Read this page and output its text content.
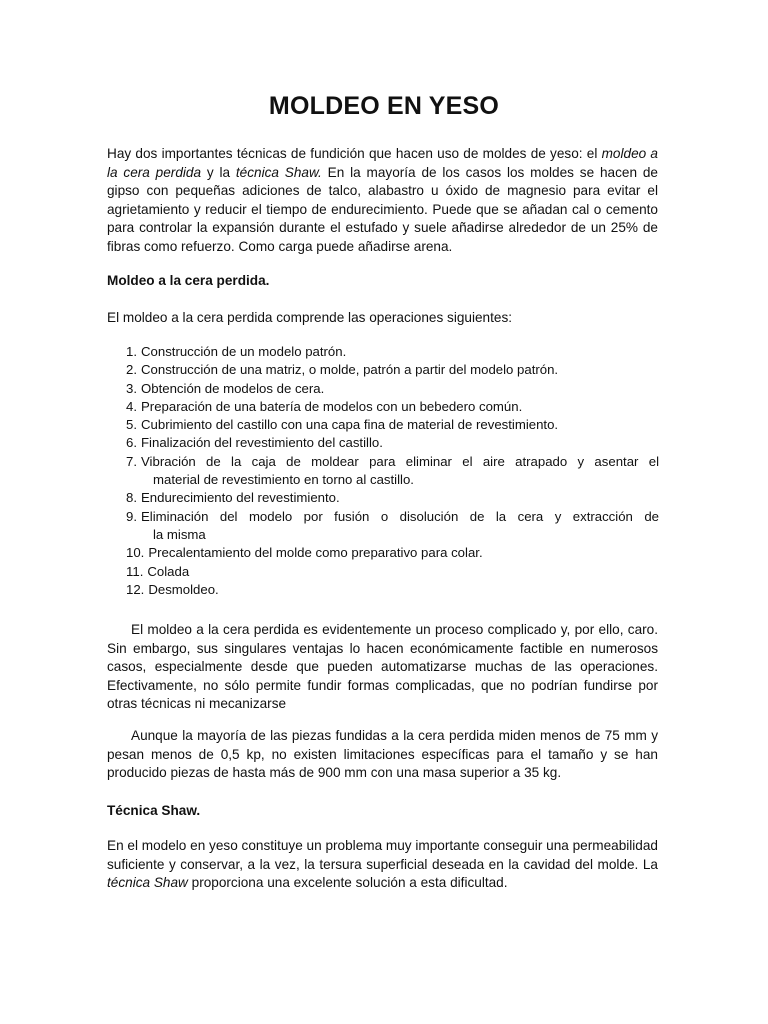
MOLDEO EN YESO

Hay dos importantes técnicas de fundición que hacen uso de moldes de yeso: el moldeo a la cera perdida y la técnica Shaw. En la mayoría de los casos los moldes se hacen de gipso con pequeñas adiciones de talco, alabastro u óxido de magnesio para evitar el agrietamiento y reducir el tiempo de endurecimiento. Puede que se añadan cal o cemento para controlar la expansión durante el estufado y suele añadirse alrededor de un 25% de fibras como refuerzo. Como carga puede añadirse arena.

Moldeo a la cera perdida.
El moldeo a la cera perdida comprende las operaciones siguientes:
1. Construcción de un modelo patrón.
2. Construcción de una matriz, o molde, patrón a partir del modelo patrón.
3. Obtención de modelos de cera.
4. Preparación de una batería de modelos con un bebedero común.
5. Cubrimiento del castillo con una capa fina de material de revestimiento.
6. Finalización del revestimiento del castillo.
7. Vibración de la caja de moldear para eliminar el aire atrapado y asentar el
material de revestimiento en torno al castillo.
8. Endurecimiento del revestimiento.
9. Eliminación del modelo por fusión o disolución de la cera y extracción de
la misma
10. Precalentamiento del molde como preparativo para colar.
11. Colada
12. Desmoldeo.

El moldeo a la cera perdida es evidentemente un proceso complicado y, por ello, caro. Sin embargo, sus singulares ventajas lo hacen económicamente factible en numerosos casos, especialmente desde que pueden automatizarse muchas de las operaciones. Efectivamente, no sólo permite fundir formas complicadas, que no podrían fundirse por otras técnicas ni mecanizarse

Aunque la mayoría de las piezas fundidas a la cera perdida miden menos de 75 mm y pesan menos de 0,5 kp, no existen limitaciones específicas para el tamaño y se han producido piezas de hasta más de 900 mm con una masa superior a 35 kg.

Técnica Shaw.

En el modelo en yeso constituye un problema muy importante conseguir una permeabilidad suficiente y conservar, a la vez, la tersura superficial deseada en la cavidad del molde. La técnica Shaw proporciona una excelente solución a esta dificultad.
